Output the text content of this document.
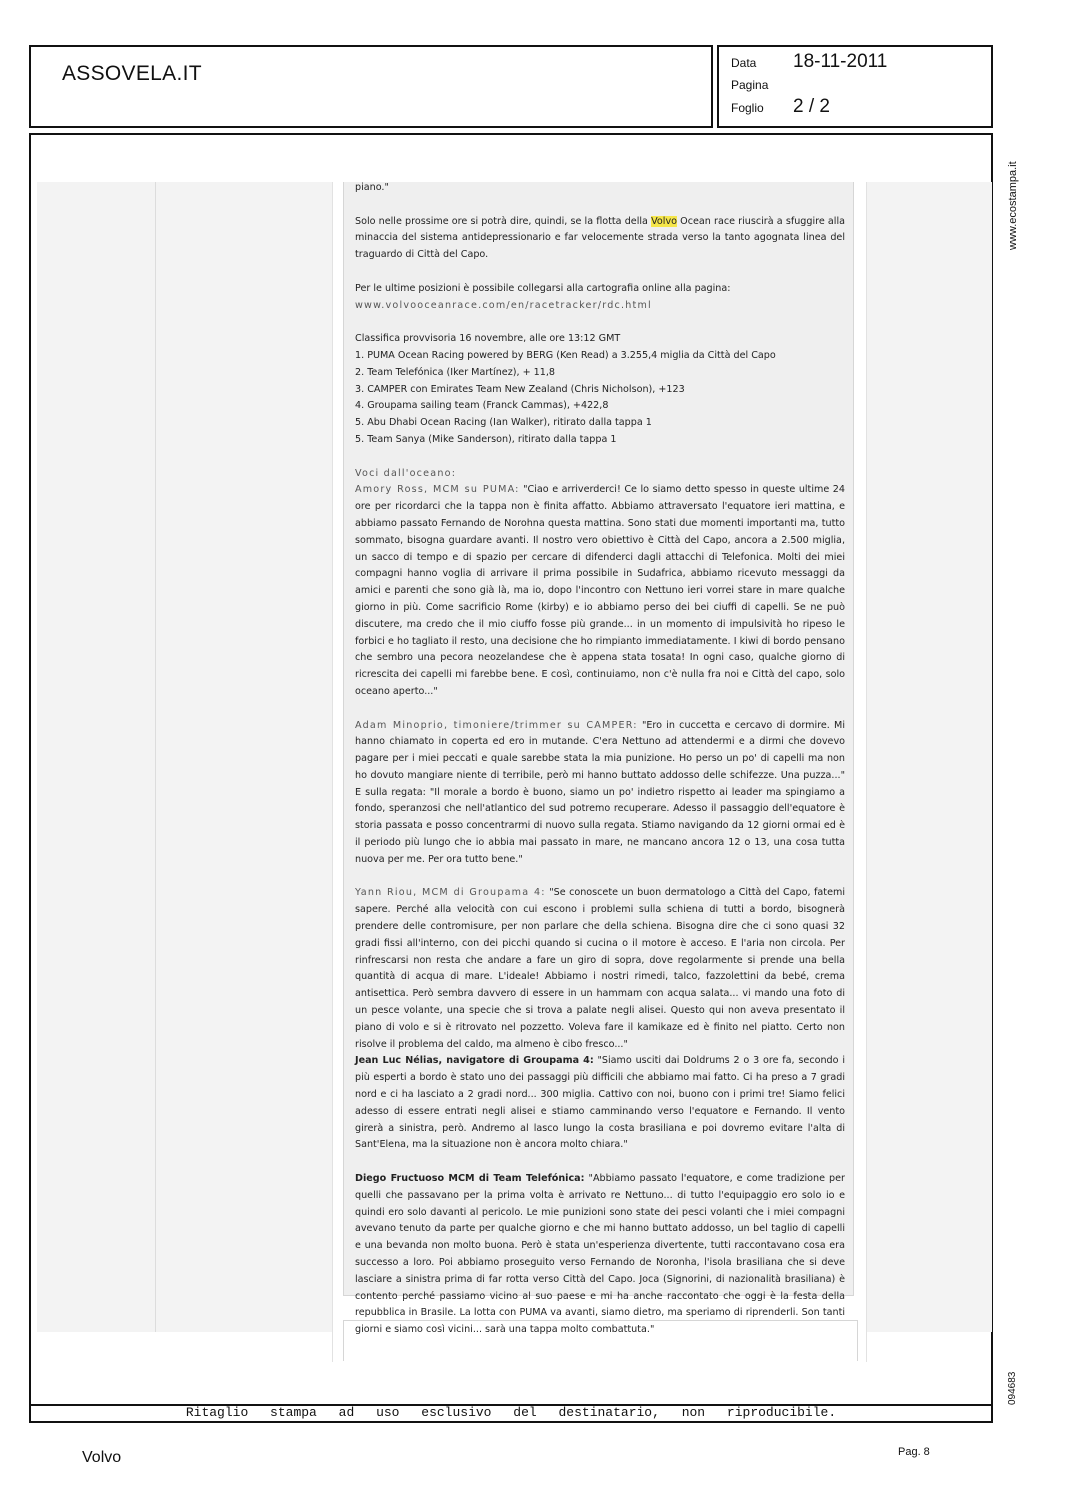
ASSOVELA.IT	Data	18-11-2011
Pagina
Foglio	2 / 2
www.ecostampa.it
094683

piano."

Solo nelle prossime ore si potrà dire, quindi, se la flotta della Volvo Ocean race riuscirà a sfuggire alla minaccia del sistema antidepressionario e far velocemente strada verso la tanto agognata linea del traguardo di Città del Capo.

Per le ultime posizioni è possibile collegarsi alla cartografia online alla pagina:
www.volvooceanrace.com/en/racetracker/rdc.html

Classifica provvisoria 16 novembre, alle ore 13:12 GMT
1. PUMA Ocean Racing powered by BERG (Ken Read) a 3.255,4 miglia da Città del Capo
2. Team Telefónica (Iker Martínez), + 11,8
3. CAMPER con Emirates Team New Zealand (Chris Nicholson), +123
4. Groupama sailing team (Franck Cammas), +422,8
5. Abu Dhabi Ocean Racing (Ian Walker), ritirato dalla tappa 1
5. Team Sanya (Mike Sanderson), ritirato dalla tappa 1

Voci dall'oceano:
Amory Ross, MCM su PUMA: "Ciao e arriverderci! Ce lo siamo detto spesso in queste ultime 24 ore per ricordarci che la tappa non è finita affatto. Abbiamo attraversato l'equatore ieri mattina, e abbiamo passato Fernando de Norohna questa mattina. Sono stati due momenti importanti ma, tutto sommato, bisogna guardare avanti. Il nostro vero obiettivo è Città del Capo, ancora a 2.500 miglia, un sacco di tempo e di spazio per cercare di difenderci dagli attacchi di Telefonica. Molti dei miei compagni hanno voglia di arrivare il prima possibile in Sudafrica, abbiamo ricevuto messaggi da amici e parenti che sono già là, ma io, dopo l'incontro con Nettuno ieri vorrei stare in mare qualche giorno in più. Come sacrificio Rome (kirby) e io abbiamo perso dei bei ciuffi di capelli. Se ne può discutere, ma credo che il mio ciuffo fosse più grande... in un momento di impulsività ho ripeso le forbici e ho tagliato il resto, una decisione che ho rimpianto immediatamente. I kiwi di bordo pensano che sembro una pecora neozelandese che è appena stata tosata! In ogni caso, qualche giorno di ricrescita dei capelli mi farebbe bene. E così, continuiamo, non c'è nulla fra noi e Città del capo, solo oceano aperto..."

Adam Minoprio, timoniere/trimmer su CAMPER: "Ero in cuccetta e cercavo di dormire. Mi hanno chiamato in coperta ed ero in mutande. C'era Nettuno ad attendermi e a dirmi che dovevo pagare per i miei peccati e quale sarebbe stata la mia punizione. Ho perso un po' di capelli ma non ho dovuto mangiare niente di terribile, però mi hanno buttato addosso delle schifezze. Una puzza..." E sulla regata: "Il morale a bordo è buono, siamo un po' indietro rispetto ai leader ma spingiamo a fondo, speranzosi che nell'atlantico del sud potremo recuperare. Adesso il passaggio dell'equatore è storia passata e posso concentrarmi di nuovo sulla regata. Stiamo navigando da 12 giorni ormai ed è il periodo più lungo che io abbia mai passato in mare, ne mancano ancora 12 o 13, una cosa tutta nuova per me. Per ora tutto bene."

Yann Riou, MCM di Groupama 4: "Se conoscete un buon dermatologo a Città del Capo, fatemi sapere. Perché alla velocità con cui escono i problemi sulla schiena di tutti a bordo, bisognerà prendere delle contromisure, per non parlare che della schiena. Bisogna dire che ci sono quasi 32 gradi fissi all'interno, con dei picchi quando si cucina o il motore è acceso. E l'aria non circola. Per rinfrescarsi non resta che andare a fare un giro di sopra, dove regolarmente si prende una bella quantità di acqua di mare. L'ideale! Abbiamo i nostri rimedi, talco, fazzolettini da bebé, crema antisettica. Però sembra davvero di essere in un hammam con acqua salata... vi mando una foto di un pesce volante, una specie che si trova a palate negli alisei. Questo qui non aveva presentato il piano di volo e si è ritrovato nel pozzetto. Voleva fare il kamikaze ed è finito nel piatto. Certo non risolve il problema del caldo, ma almeno è cibo fresco..."

Jean Luc Nélias, navigatore di Groupama 4: "Siamo usciti dai Doldrums 2 o 3 ore fa, secondo i più esperti a bordo è stato uno dei passaggi più difficili che abbiamo mai fatto. Ci ha preso a 7 gradi nord e ci ha lasciato a 2 gradi nord... 300 miglia. Cattivo con noi, buono con i primi tre! Siamo felici adesso di essere entrati negli alisei e stiamo camminando verso l'equatore e Fernando. Il vento girerà a sinistra, però. Andremo al lasco lungo la costa brasiliana e poi dovremo evitare l'alta di Sant'Elena, ma la situazione non è ancora molto chiara."

Diego Fructuoso MCM di Team Telefónica: "Abbiamo passato l'equatore, e come tradizione per quelli che passavano per la prima volta è arrivato re Nettuno... di tutto l'equipaggio ero solo io e quindi ero solo davanti al pericolo. Le mie punizioni sono state dei pesci volanti che i miei compagni avevano tenuto da parte per qualche giorno e che mi hanno buttato addosso, un bel taglio di capelli e una bevanda non molto buona. Però è stata un'esperienza divertente, tutti raccontavano cosa era successo a loro. Poi abbiamo proseguito verso Fernando de Noronha, l'isola brasiliana che si deve lasciare a sinistra prima di far rotta verso Città del Capo. Joca (Signorini, di nazionalità brasiliana) è contento perché passiamo vicino al suo paese e mi ha anche raccontato che oggi è la festa della repubblica in Brasile. La lotta con PUMA va avanti, siamo dietro, ma speriamo di riprenderli. Son tanti giorni e siamo così vicini... sarà una tappa molto combattuta."

Ritaglio stampa ad uso esclusivo del destinatario, non riproducibile.
Volvo	Pag. 8
